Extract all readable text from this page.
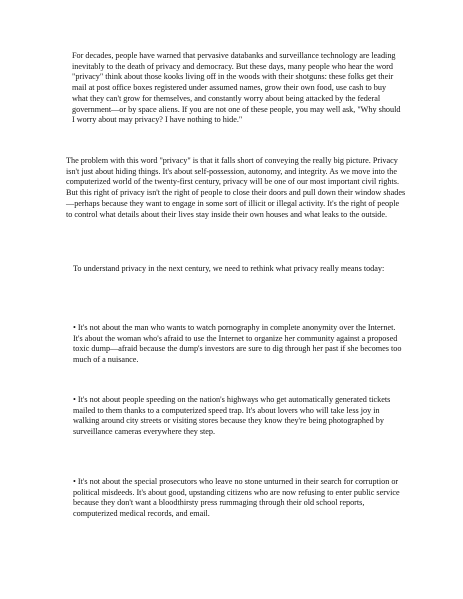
For decades, people have warned that pervasive databanks and surveillance technology are leading inevitably to the death of privacy and democracy. But these days, many people who hear the word "privacy" think about those kooks living off in the woods with their shotguns: these folks get their mail at post office boxes registered under assumed names, grow their own food, use cash to buy what they can't grow for themselves, and constantly worry about being attacked by the federal government—or by space aliens. If you are not one of these people, you may well ask, "Why should I worry about may privacy? I have nothing to hide."

The problem with this word "privacy" is that it falls short of conveying the really big picture. Privacy isn't just about hiding things. It's about self-possession, autonomy, and integrity. As we move into the computerized world of the twenty-first century, privacy will be one of our most important civil rights. But this right of privacy isn't the right of people to close their doors and pull down their window shades—perhaps because they want to engage in some sort of illicit or illegal activity. It's the right of people to control what details about their lives stay inside their own houses and what leaks to the outside.

To understand privacy in the next century, we need to rethink what privacy really means today:

• It's not about the man who wants to watch pornography in complete anonymity over the Internet. It's about the woman who's afraid to use the Internet to organize her community against a proposed toxic dump—afraid because the dump's investors are sure to dig through her past if she becomes too much of a nuisance.

• It's not about people speeding on the nation's highways who get automatically generated tickets mailed to them thanks to a computerized speed trap. It's about lovers who will take less joy in walking around city streets or visiting stores because they know they're being photographed by surveillance cameras everywhere they step.

• It's not about the special prosecutors who leave no stone unturned in their search for corruption or political misdeeds. It's about good, upstanding citizens who are now refusing to enter public service because they don't want a bloodthirsty press rummaging through their old school reports, computerized medical records, and email.
